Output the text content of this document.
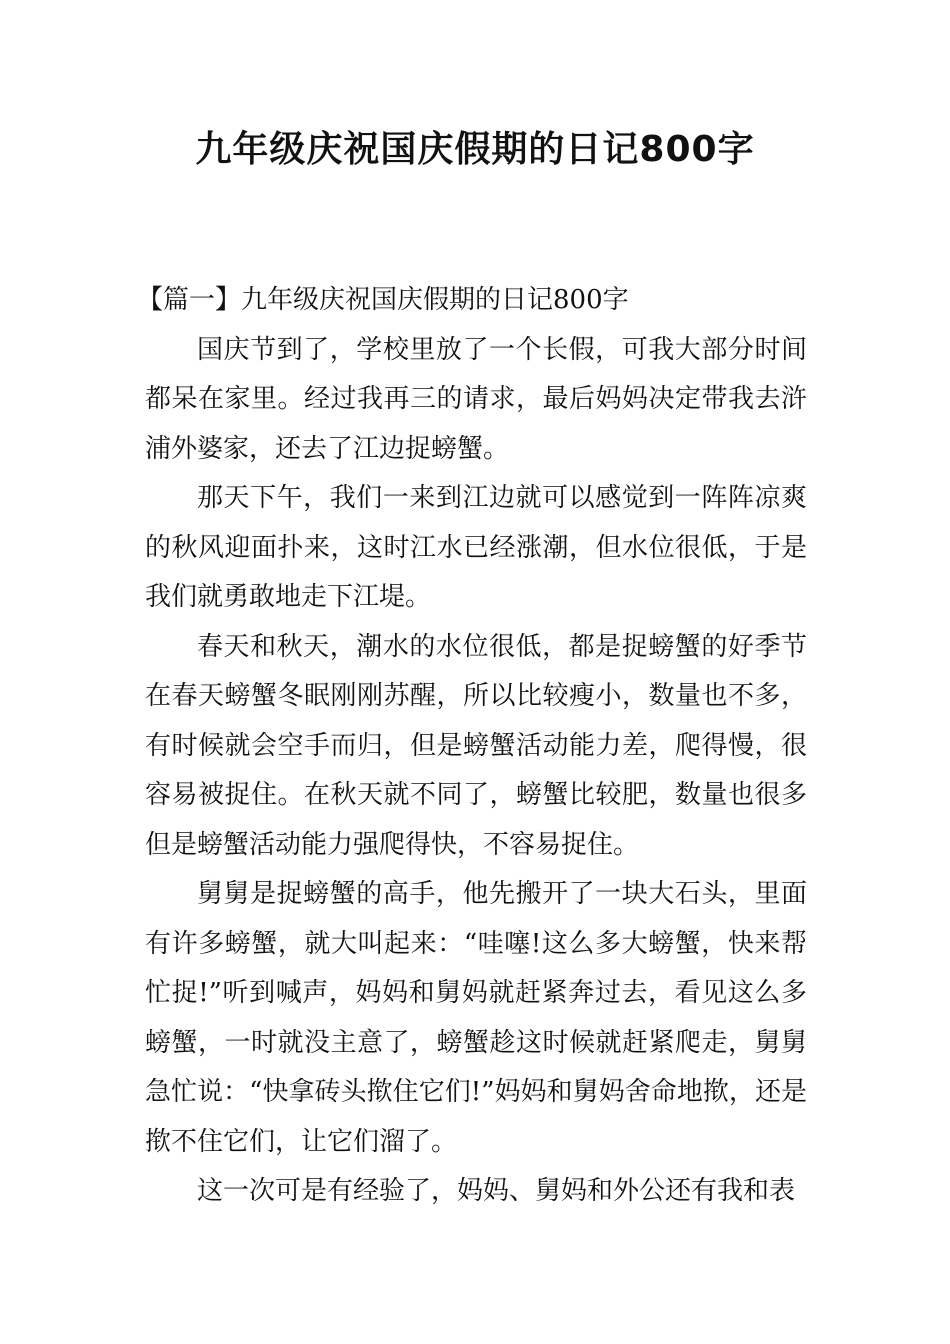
九年级庆祝国庆假期的日记800字

【篇一】九年级庆祝国庆假期的日记800字

国庆节到了，学校里放了一个长假，可我大部分时间都呆在家里。经过我再三的请求，最后妈妈决定带我去浒浦外婆家，还去了江边捉螃蟹。

那天下午，我们一来到江边就可以感觉到一阵阵凉爽的秋风迎面扑来，这时江水已经涨潮，但水位很低，于是我们就勇敢地走下江堤。

春天和秋天，潮水的水位很低，都是捉螃蟹的好季节在春天螃蟹冬眠刚刚苏醒，所以比较瘦小，数量也不多，有时候就会空手而归，但是螃蟹活动能力差，爬得慢，很容易被捉住。在秋天就不同了，螃蟹比较肥，数量也很多但是螃蟹活动能力强爬得快，不容易捉住。

舅舅是捉螃蟹的高手，他先搬开了一块大石头，里面有许多螃蟹，就大叫起来：“哇噻!这么多大螃蟹，快来帮忙捉!”听到喊声，妈妈和舅妈就赶紧奔过去，看见这么多螃蟹，一时就没主意了，螃蟹趁这时候就赶紧爬走，舅舅急忙说：“快拿砖头揿住它们!”妈妈和舅妈舍命地揿，还是揿不住它们，让它们溜了。

这一次可是有经验了，妈妈、舅妈和外公还有我和表
